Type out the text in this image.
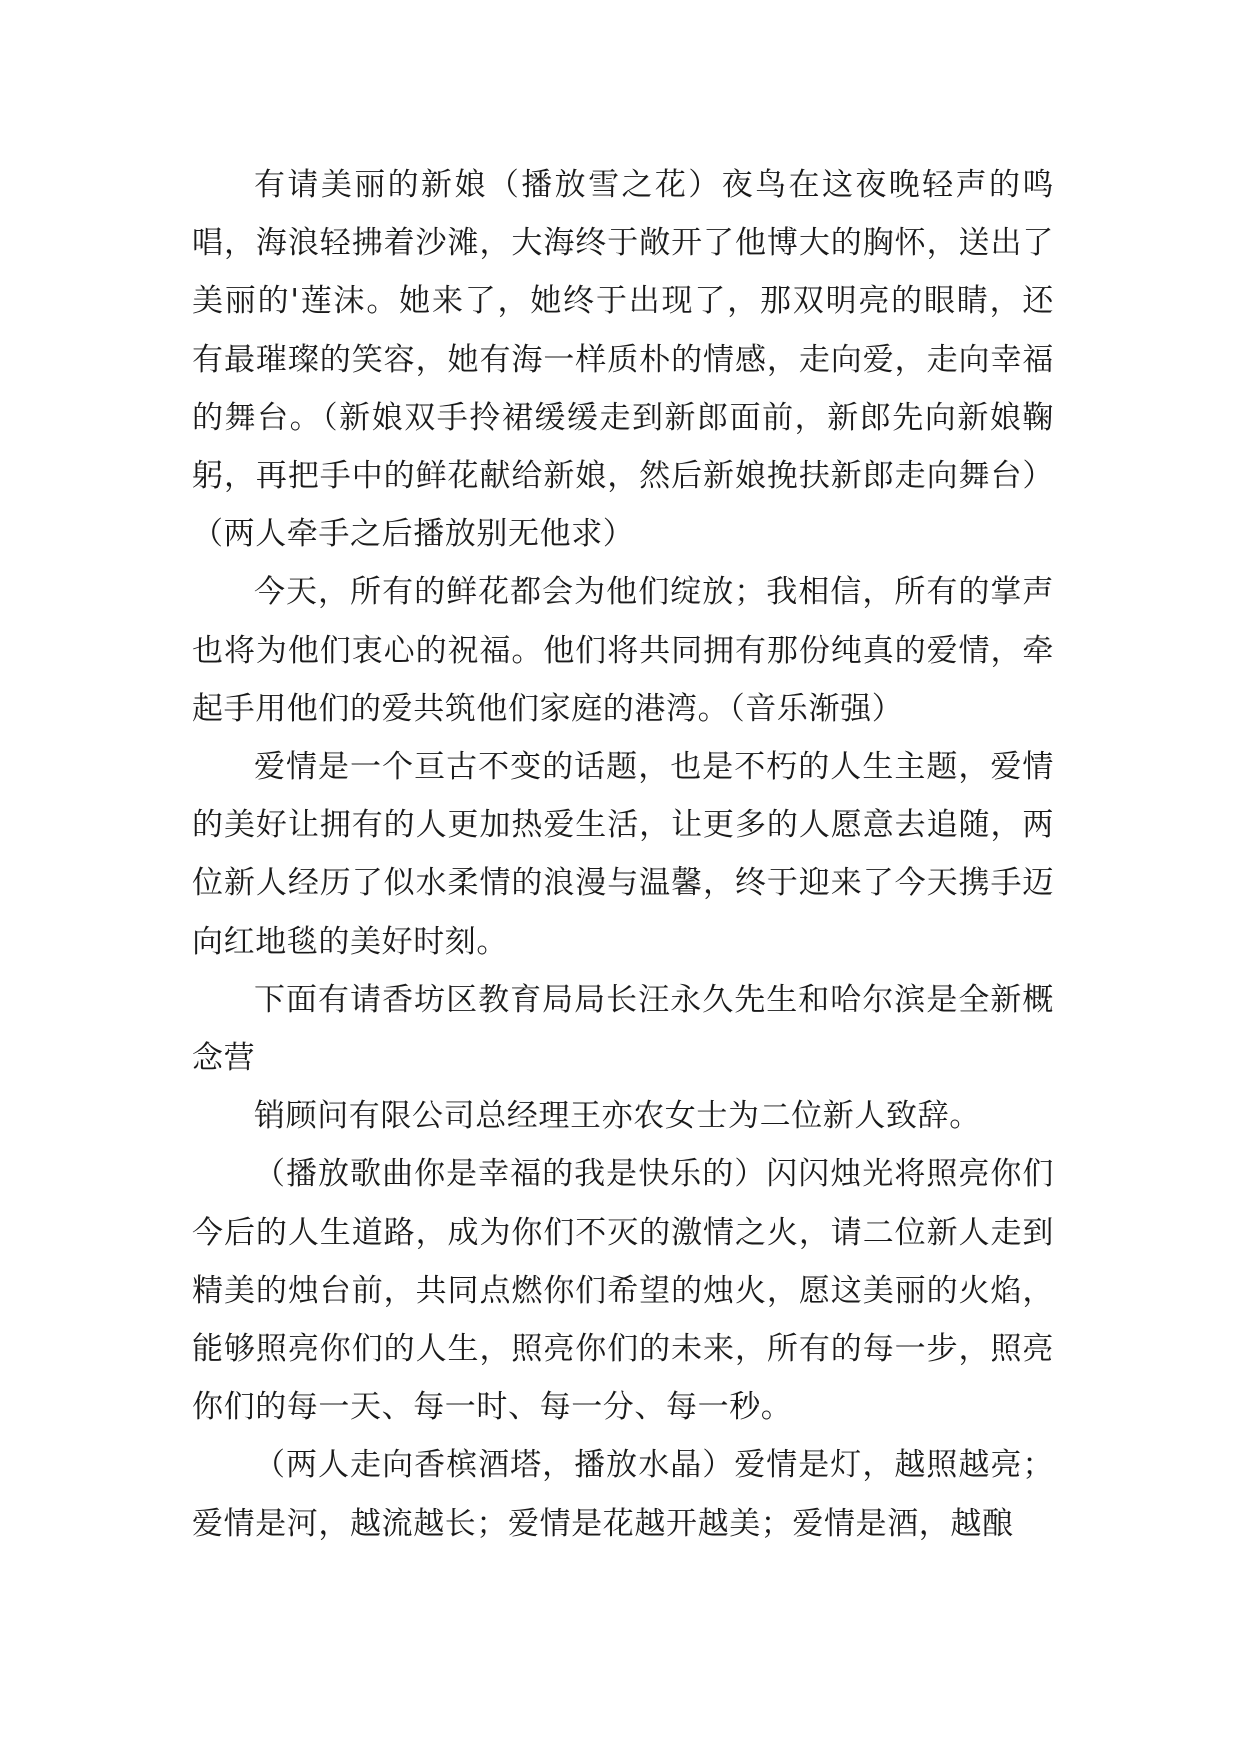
有请美丽的新娘（播放雪之花）夜鸟在这夜晚轻声的鸣唱，海浪轻拂着沙滩，大海终于敞开了他博大的胸怀，送出了美丽的'莲沫。她来了，她终于出现了，那双明亮的眼睛，还有最璀璨的笑容，她有海一样质朴的情感，走向爱，走向幸福的舞台。（新娘双手拎裙缓缓走到新郎面前，新郎先向新娘鞠躬，再把手中的鲜花献给新娘，然后新娘挽扶新郎走向舞台）（两人牵手之后播放别无他求）

今天，所有的鲜花都会为他们绽放；我相信，所有的掌声也将为他们衷心的祝福。他们将共同拥有那份纯真的爱情，牵起手用他们的爱共筑他们家庭的港湾。（音乐渐强）

爱情是一个亘古不变的话题，也是不朽的人生主题，爱情的美好让拥有的人更加热爱生活，让更多的人愿意去追随，两位新人经历了似水柔情的浪漫与温馨，终于迎来了今天携手迈向红地毯的美好时刻。

下面有请香坊区教育局局长汪永久先生和哈尔滨是全新概念营

销顾问有限公司总经理王亦农女士为二位新人致辞。

（播放歌曲你是幸福的我是快乐的）闪闪烛光将照亮你们今后的人生道路，成为你们不灭的激情之火，请二位新人走到精美的烛台前，共同点燃你们希望的烛火，愿这美丽的火焰，能够照亮你们的人生，照亮你们的未来，所有的每一步，照亮你们的每一天、每一时、每一分、每一秒。

（两人走向香槟酒塔，播放水晶）爱情是灯，越照越亮；爱情是河，越流越长；爱情是花越开越美；爱情是酒，越酿
